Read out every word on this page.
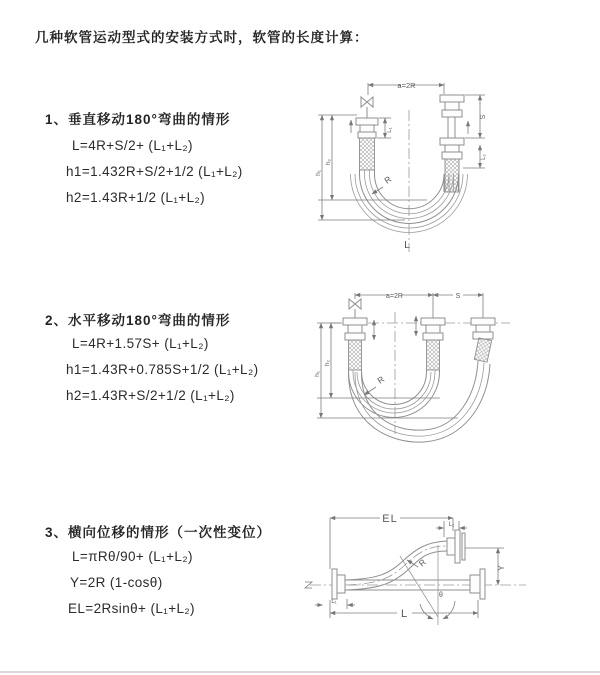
几种软管运动型式的安装方式时，软管的长度计算：
1、垂直移动180°弯曲的情形
L=4R+S/2+ (L₁+L₂)
h1=1.432R+S/2+1/2 (L₁+L₂)
h2=1.43R+1/2 (L₁+L₂)
2、水平移动180°弯曲的情形
L=4R+1.57S+ (L₁+L₂)
h1=1.43R+0.785S+1/2 (L₁+L₂)
h2=1.43R+S/2+1/2 (L₁+L₂)
3、横向位移的情形（一次性变位）
L=πRθ/90+ (L₁+L₂)
Y=2R (1-cosθ)
EL=2Rsinθ+ (L₁+L₂)
a=2R
R
L
h₁
h₂
L₁
S
L₂
a=2R	S
R
h₁
h₂
EL	L₂
Y
R
θ
L₁
L
